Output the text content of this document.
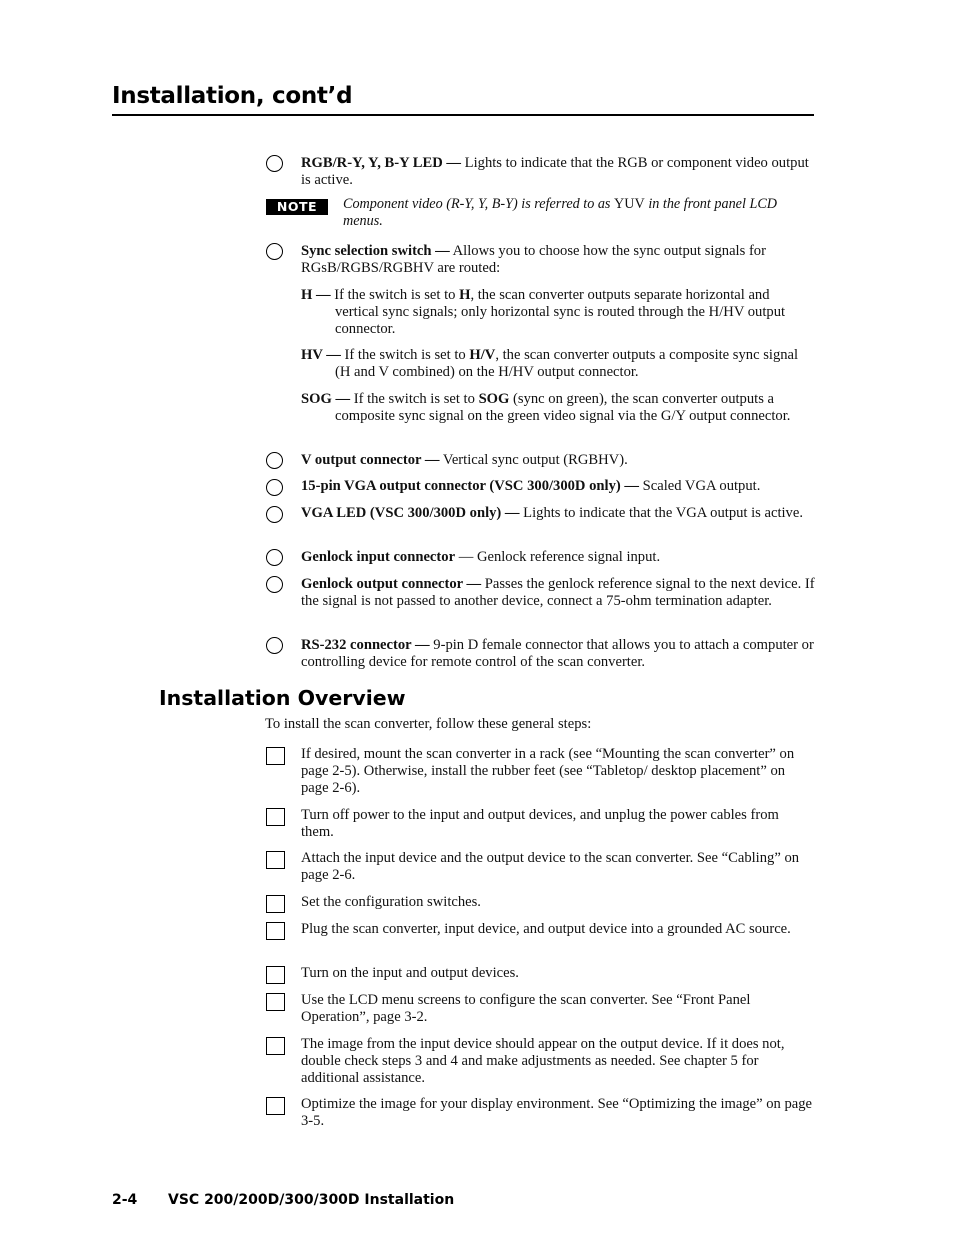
Installation, cont’d
RGB/R-Y, Y, B-Y LED — Lights to indicate that the RGB or component video output is active.
NOTE	Component video (R-Y, Y, B-Y) is referred to as YUV in the front panel LCD menus.
Sync selection switch — Allows you to choose how the sync output signals for RGsB/RGBS/RGBHV are routed:
H — If the switch is set to H, the scan converter outputs separate horizontal and vertical sync signals; only horizontal sync is routed through the H/HV output connector.
HV — If the switch is set to H/V, the scan converter outputs a composite sync signal (H and V combined) on the H/HV output connector.
SOG — If the switch is set to SOG (sync on green), the scan converter outputs a composite sync signal on the green video signal via the G/Y output connector.
V output connector — Vertical sync output (RGBHV).
15-pin VGA output connector (VSC 300/300D only) — Scaled VGA output.
VGA LED (VSC 300/300D only) — Lights to indicate that the VGA output is active.
Genlock input connector — Genlock reference signal input.
Genlock output connector — Passes the genlock reference signal to the next device. If the signal is not passed to another device, connect a 75-ohm termination adapter.
RS-232 connector — 9-pin D female connector that allows you to attach a computer or controlling device for remote control of the scan converter.
Installation Overview
To install the scan converter, follow these general steps:
If desired, mount the scan converter in a rack (see “Mounting the scan converter” on page 2-5). Otherwise, install the rubber feet (see “Tabletop/ desktop placement” on page 2-6).
Turn off power to the input and output devices, and unplug the power cables from them.
Attach the input device and the output device to the scan converter. See “Cabling” on page 2-6.
Set the configuration switches.
Plug the scan converter, input device, and output device into a grounded AC source.
Turn on the input and output devices.
Use the LCD menu screens to configure the scan converter. See “Front Panel Operation”, page 3-2.
The image from the input device should appear on the output device. If it does not, double check steps 3 and 4 and make adjustments as needed. See chapter 5 for additional assistance.
Optimize the image for your display environment. See “Optimizing the image” on page 3-5.
2-4 VSC 200/200D/300/300D Installation
